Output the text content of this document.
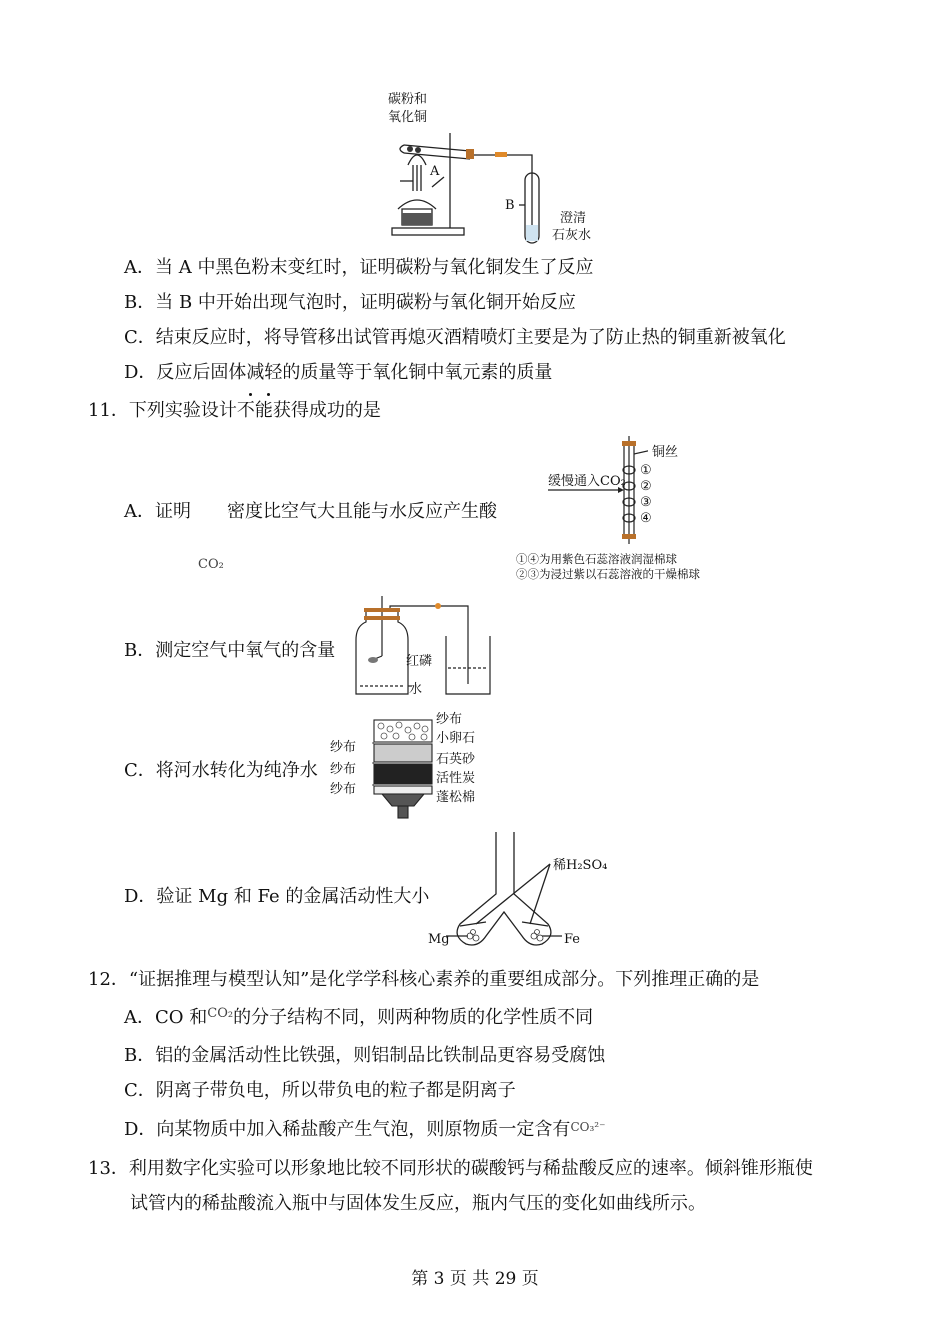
碳粉和
氧化铜
A
B
澄清
石灰水
A．当 A 中黑色粉末变红时，证明碳粉与氧化铜发生了反应
B．当 B 中开始出现气泡时，证明碳粉与氧化铜开始反应
C．结束反应时，将导管移出试管再熄灭酒精喷灯主要是为了防止热的铜重新被氧化
D．反应后固体减轻的质量等于氧化铜中氧元素的质量
11．下列实验设计不能获得成功的是
A．证明　　密度比空气大且能与水反应产生酸
CO₂
缓慢通入CO₂
铜丝
①
②
③
④
①④为用紫色石蕊溶液润湿棉球
②③为浸过紫以石蕊溶液的干燥棉球
B．测定空气中氧气的含量
红磷
水
C．将河水转化为纯净水
纱布
纱布
纱布
纱布
小卵石
石英砂
活性炭
蓬松棉
D．验证 Mg 和 Fe 的金属活动性大小
稀H₂SO₄
Mg	Fe
12．“证据推理与模型认知”是化学学科核心素养的重要组成部分。下列推理正确的是
A．CO 和$^{CO_2}$的分子结构不同，则两种物质的化学性质不同
B．铝的金属活动性比铁强，则铝制品比铁制品更容易受腐蚀
C．阴离子带负电，所以带负电的粒子都是阴离子
D．向某物质中加入稀盐酸产生气泡，则原物质一定含有$^{CO_3^{2-}}$
13．利用数字化实验可以形象地比较不同形状的碳酸钙与稀盐酸反应的速率。倾斜锥形瓶使
试管内的稀盐酸流入瓶中与固体发生反应，瓶内气压的变化如曲线所示。
第 3 页 共 29 页
